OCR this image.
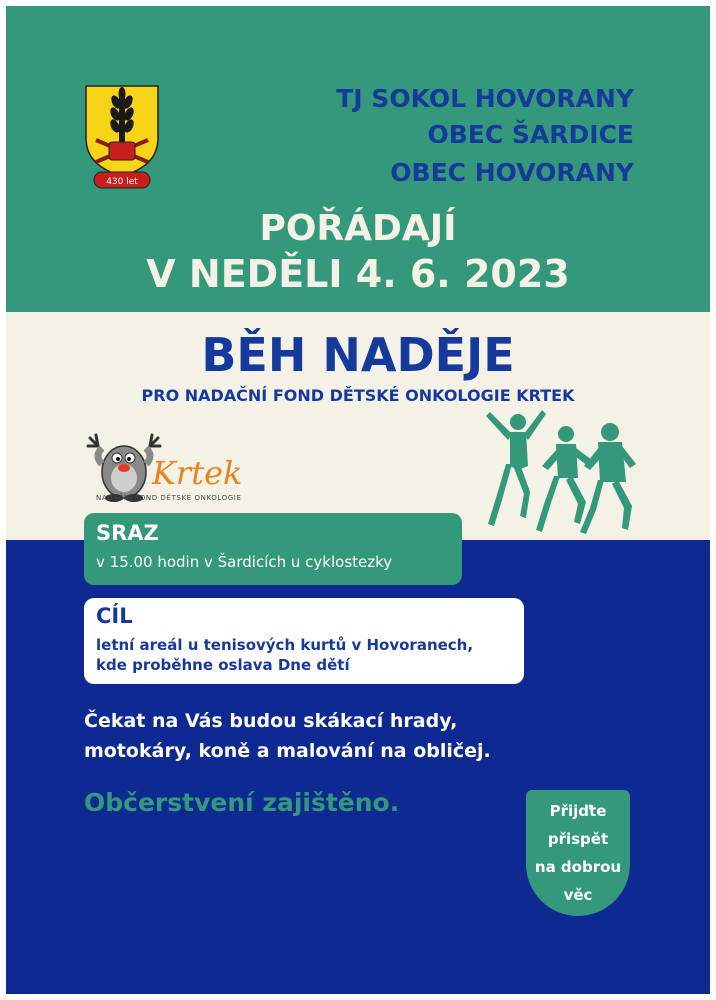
430 let
TJ SOKOL HOVORANY
OBEC ŠARDICE
OBEC HOVORANY
POŘÁDAJÍ
V NEDĚLI 4. 6. 2023
BĚH NADĚJE
PRO NADAČNÍ FOND DĚTSKÉ ONKOLOGIE KRTEK
Krtek
NADAČNÍ FOND DĚTSKÉ ONKOLOGIE
SRAZ
v 15.00 hodin v Šardicích u cyklostezky
CÍL
letní areál u tenisových kurtů v Hovoranech,
kde proběhne oslava Dne dětí
Čekat na Vás budou skákací hrady,
motokáry, koně a malování na obličej.
Občerstvení zajištěno.	Přijďte
přispět
na dobrou
věc
